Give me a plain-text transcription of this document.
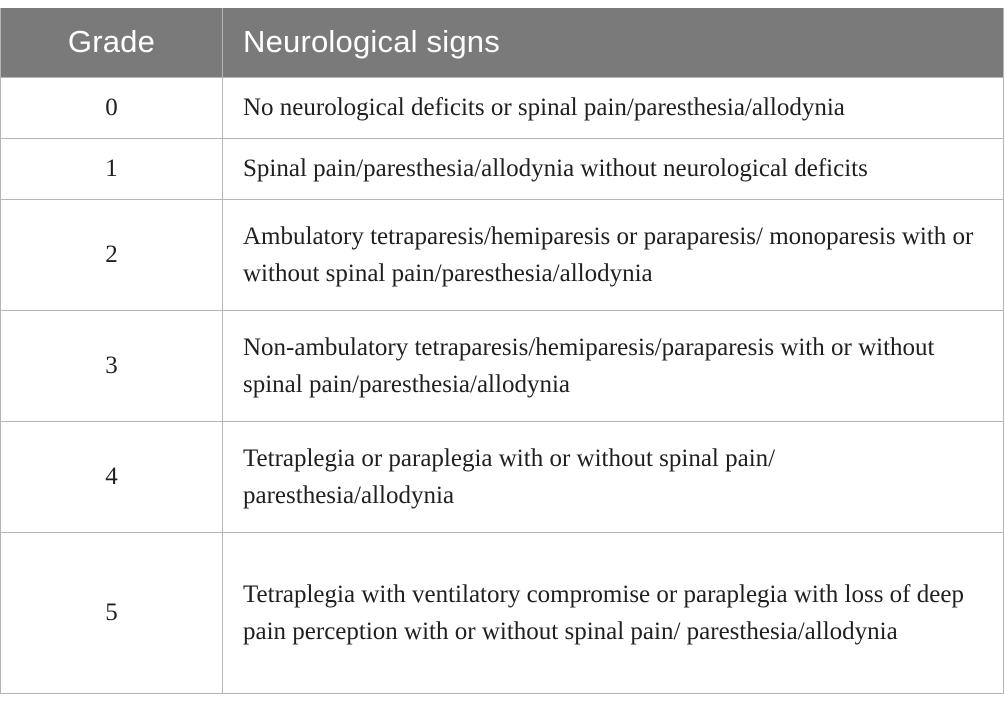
Grade	Neurological signs
0	No neurological deficits or spinal pain/paresthesia/allodynia
1	Spinal pain/paresthesia/allodynia without neurological deficits
2	Ambulatory tetraparesis/hemiparesis or paraparesis/ monoparesis with or without spinal pain/paresthesia/allodynia
3	Non-ambulatory tetraparesis/hemiparesis/paraparesis with or without spinal pain/paresthesia/allodynia
4	Tetraplegia or paraplegia with or without spinal pain/ paresthesia/allodynia
5	Tetraplegia with ventilatory compromise or paraplegia with loss of deep pain perception with or without spinal pain/ paresthesia/allodynia
